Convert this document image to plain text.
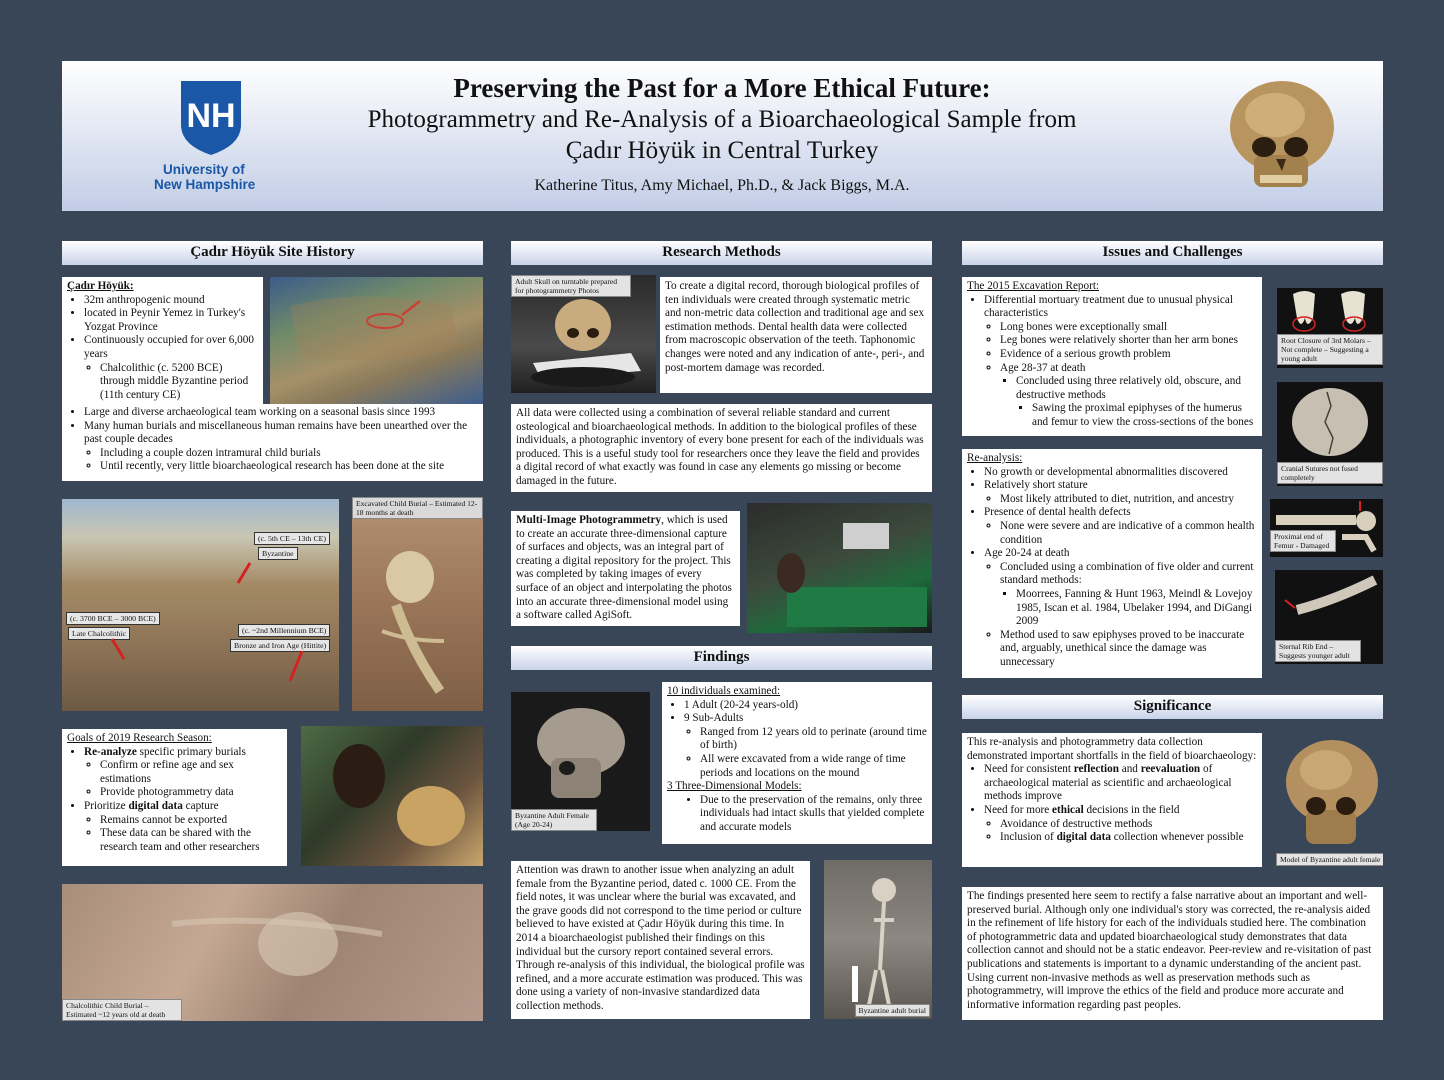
NH
University of
New Hampshire
Preserving the Past for a More Ethical Future:
Photogrammetry and Re-Analysis of a Bioarchaeological Sample from
Çadır Höyük in Central Turkey
Katherine Titus, Amy Michael, Ph.D., & Jack Biggs, M.A.
Çadır Höyük Site History
Çadır Höyük:
• 32m anthropogenic mound
• located in Peynir Yemez in Turkey's Yozgat Province
• Continuously occupied for over 6,000 years
◦ Chalcolithic (c. 5200 BCE) through middle Byzantine period (11th century CE)
• Large and diverse archaeological team working on a seasonal basis since 1993
• Many human burials and miscellaneous human remains have been unearthed over the past couple decades
◦ Including a couple dozen intramural child burials
◦ Until recently, very little bioarchaeological research has been done at the site
(c. 5th CE – 13th CE)
Byzantine
(c. 3700 BCE – 3000 BCE)
Late Chalcolithic	(c. ~2nd Millennium BCE)
Bronze and Iron Age (Hittite)
Excavated Child Burial – Estimated 12-18 months at death
Goals of 2019 Research Season:
• Re-analyze specific primary burials
◦ Confirm or refine age and sex estimations
◦ Provide photogrammetry data
• Prioritize digital data capture
◦ Remains cannot be exported
◦ These data can be shared with the research team and other researchers
Chalcolithic Child Burial – Estimated ~12 years old at death
Research Methods
Adult Skull on turntable prepared for photogrammetry Photos	To create a digital record, thorough biological profiles of ten individuals were created through systematic metric and non-metric data collection and traditional age and sex estimation methods. Dental health data were collected from macroscopic observation of the teeth. Taphonomic changes were noted and any indication of ante-, peri-, and post-mortem damage was recorded.
All data were collected using a combination of several reliable standard and current osteological and bioarchaeological methods. In addition to the biological profiles of these individuals, a photographic inventory of every bone present for each of the individuals was produced. This is a useful study tool for researchers once they leave the field and provides a digital record of what exactly was found in case any elements go missing or become damaged in the future.
Multi-Image Photogrammetry, which is used to create an accurate three-dimensional capture of surfaces and objects, was an integral part of creating a digital repository for the project. This was completed by taking images of every surface of an object and interpolating the photos into an accurate three-dimensional model using a software called AgiSoft.
Findings
Byzantine Adult Female (Age 20-24)
10 individuals examined:
• 1 Adult (20-24 years-old)
• 9 Sub-Adults
◦ Ranged from 12 years old to perinate (around time of birth)
◦ All were excavated from a wide range of time periods and locations on the mound
3 Three-Dimensional Models:
• Due to the preservation of the remains, only three individuals had intact skulls that yielded complete and accurate models
Attention was drawn to another issue when analyzing an adult female from the Byzantine period, dated c. 1000 CE. From the field notes, it was unclear where the burial was excavated, and the grave goods did not correspond to the time period or culture believed to have existed at Çadır Höyük during this time. In 2014 a bioarchaeologist published their findings on this individual but the cursory report contained several errors. Through re-analysis of this individual, the biological profile was refined, and a more accurate estimation was produced. This was done using a variety of non-invasive standardized data collection methods.	Byzantine adult burial
Issues and Challenges
The 2015 Excavation Report:
• Differential mortuary treatment due to unusual physical characteristics
◦ Long bones were exceptionally small
◦ Leg bones were relatively shorter than her arm bones
◦ Evidence of a serious growth problem
◦ Age 28-37 at death
▪ Concluded using three relatively old, obscure, and destructive methods
▪ Sawing the proximal epiphyses of the humerus and femur to view the cross-sections of the bones
Re-analysis:
• No growth or developmental abnormalities discovered
• Relatively short stature
◦ Most likely attributed to diet, nutrition, and ancestry
• Presence of dental health defects
◦ None were severe and are indicative of a common health condition
• Age 20-24 at death
◦ Concluded using a combination of five older and current standard methods:
▪ Moorrees, Fanning & Hunt 1963, Meindl & Lovejoy 1985, Iscan et al. 1984, Ubelaker 1994, and DiGangi 2009
◦ Method used to saw epiphyses proved to be inaccurate and, arguably, unethical since the damage was unnecessary
Root Closure of 3rd Molars – Not complete – Suggesting a young adult
Cranial Sutures not fused completely
Proximal end of Femur - Damaged
Sternal Rib End – Suggests younger adult
Significance
This re-analysis and photogrammetry data collection demonstrated important shortfalls in the field of bioarchaeology:
• Need for consistent reflection and reevaluation of archaeological material as scientific and archaeological methods improve
• Need for more ethical decisions in the field
◦ Avoidance of destructive methods
◦ Inclusion of digital data collection whenever possible
Model of Byzantine adult female
The findings presented here seem to rectify a false narrative about an important and well-preserved burial. Although only one individual's story was corrected, the re-analysis aided in the refinement of life history for each of the individuals studied here. The combination of photogrammetric data and updated bioarchaeological study demonstrates that data collection cannot and should not be a static endeavor. Peer-review and re-visitation of past publications and statements is important to a dynamic understanding of the ancient past. Using current non-invasive methods as well as preservation methods such as photogrammetry, will improve the ethics of the field and produce more accurate and informative information regarding past peoples.
